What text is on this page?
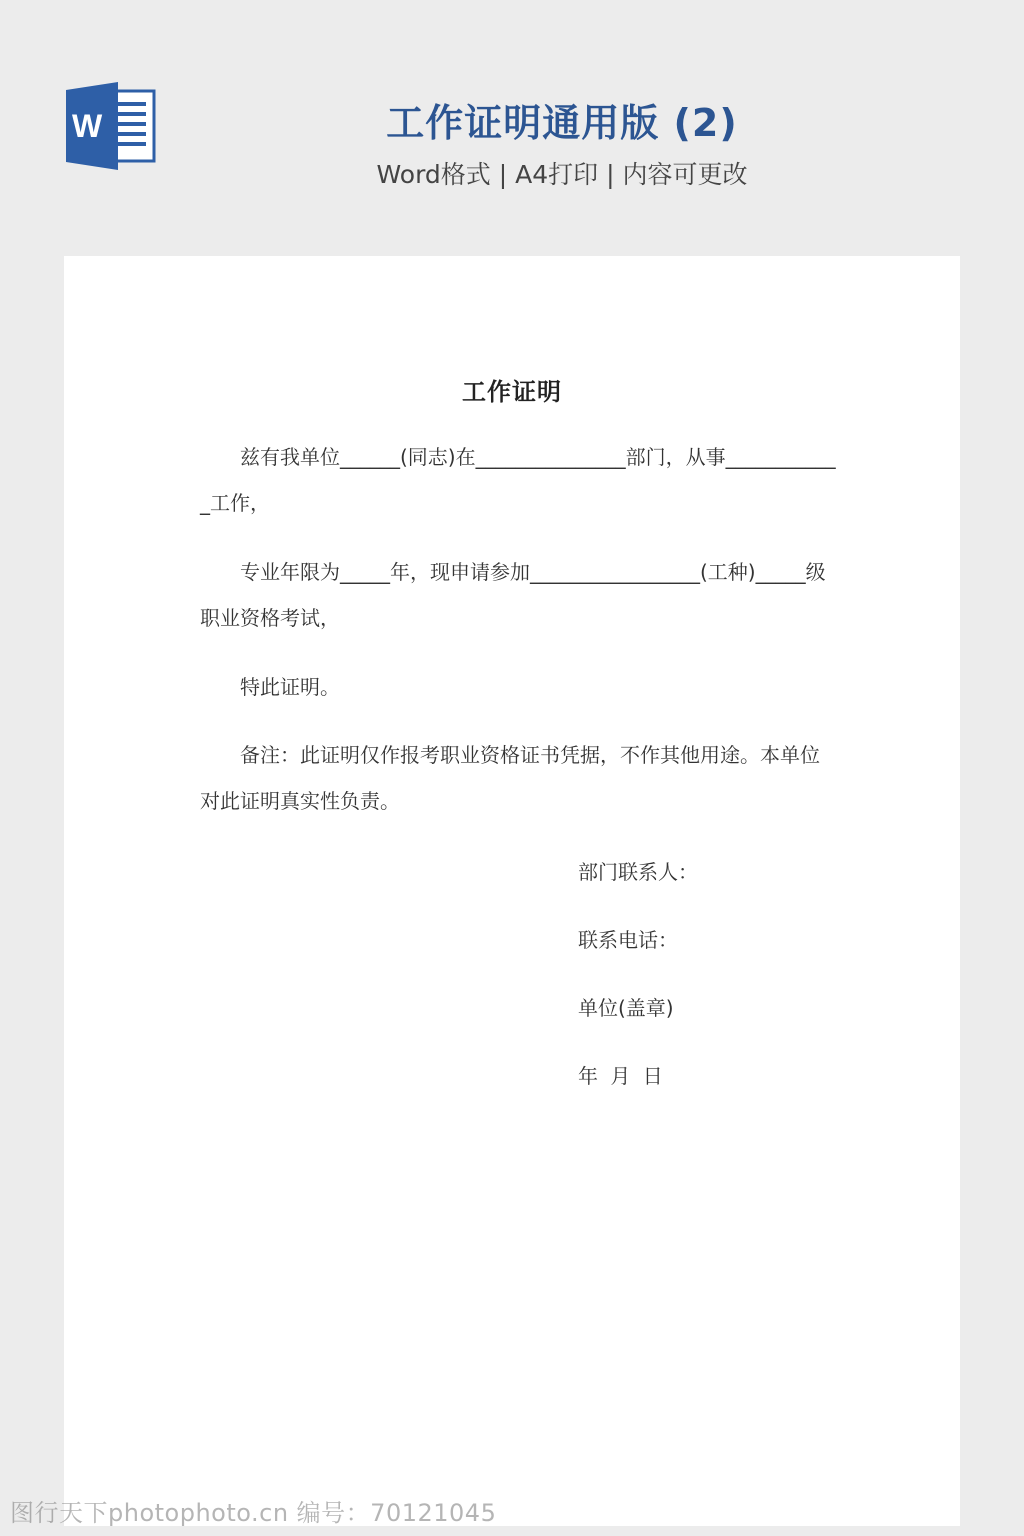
W	工作证明通用版 (2)
Word格式 | A4打印 | 内容可更改
工作证明

兹有我单位______(同志)在_______________部门，从事____________工作，

专业年限为_____年，现申请参加_________________(工种)_____级职业资格考试，

特此证明。

备注：此证明仅作报考职业资格证书凭据，不作其他用途。本单位对此证明真实性负责。

部门联系人：
联系电话：
单位(盖章)
年 月 日
图行天下photophoto.cn 编号：70121045
